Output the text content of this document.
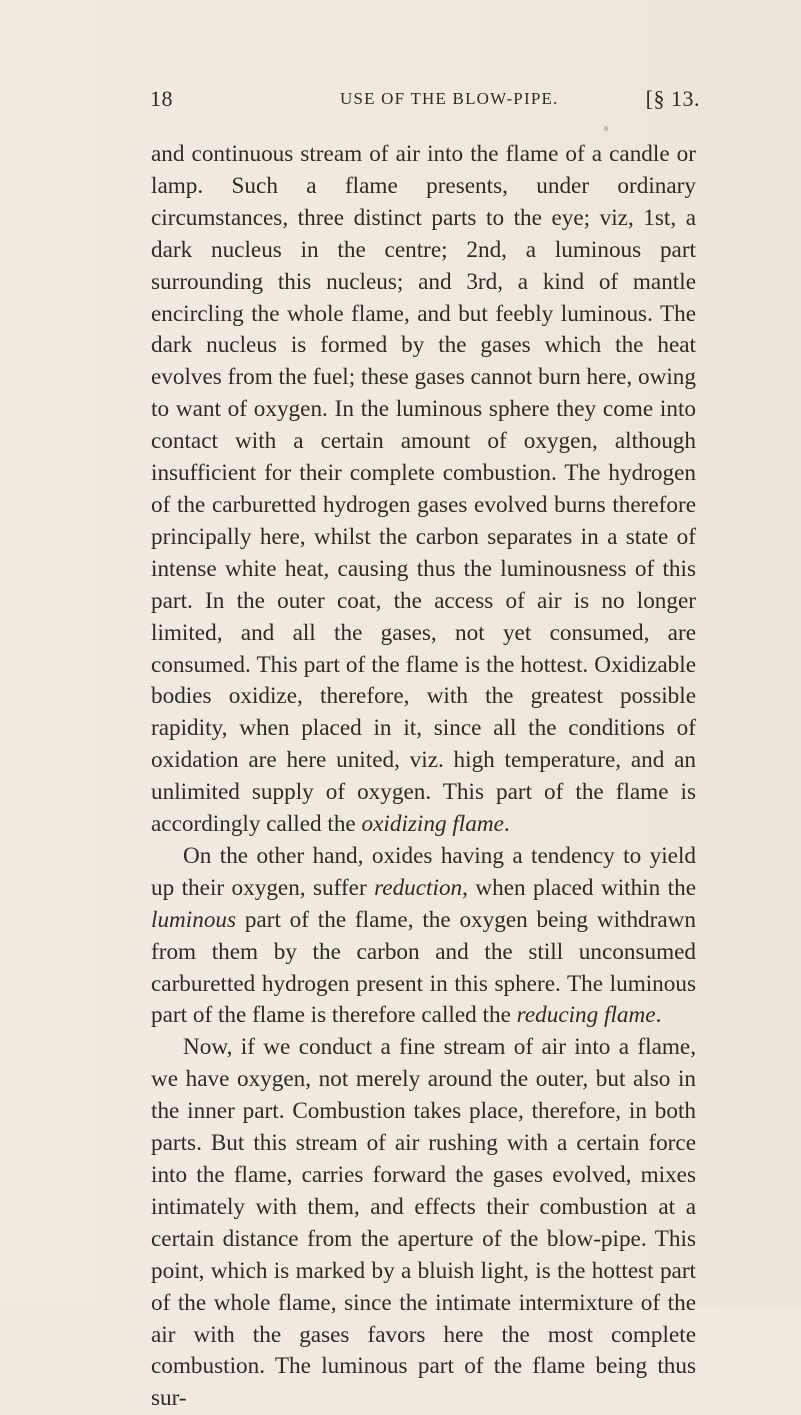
18	USE OF THE BLOW-PIPE.	[§ 13.

and continuous stream of air into the flame of a candle or lamp. Such a flame presents, under ordinary circumstances, three distinct parts to the eye; viz, 1st, a dark nucleus in the centre; 2nd, a luminous part surrounding this nucleus; and 3rd, a kind of mantle encircling the whole flame, and but feebly luminous. The dark nucleus is formed by the gases which the heat evolves from the fuel; these gases cannot burn here, owing to want of oxygen. In the luminous sphere they come into contact with a certain amount of oxygen, although insufficient for their complete combustion. The hydrogen of the carburetted hydrogen gases evolved burns therefore principally here, whilst the carbon separates in a state of intense white heat, causing thus the luminousness of this part. In the outer coat, the access of air is no longer limited, and all the gases, not yet consumed, are consumed. This part of the flame is the hottest. Oxidizable bodies oxidize, therefore, with the greatest possible rapidity, when placed in it, since all the conditions of oxidation are here united, viz. high temperature, and an unlimited supply of oxygen. This part of the flame is accordingly called the oxidizing flame.

On the other hand, oxides having a tendency to yield up their oxygen, suffer reduction, when placed within the luminous part of the flame, the oxygen being withdrawn from them by the carbon and the still unconsumed carburetted hydrogen present in this sphere. The luminous part of the flame is therefore called the reducing flame.

Now, if we conduct a fine stream of air into a flame, we have oxygen, not merely around the outer, but also in the inner part. Combustion takes place, therefore, in both parts. But this stream of air rushing with a certain force into the flame, carries forward the gases evolved, mixes intimately with them, and effects their combustion at a certain distance from the aperture of the blow-pipe. This point, which is marked by a bluish light, is the hottest part of the whole flame, since the intimate intermixture of the air with the gases favors here the most complete combustion. The luminous part of the flame being thus sur-
